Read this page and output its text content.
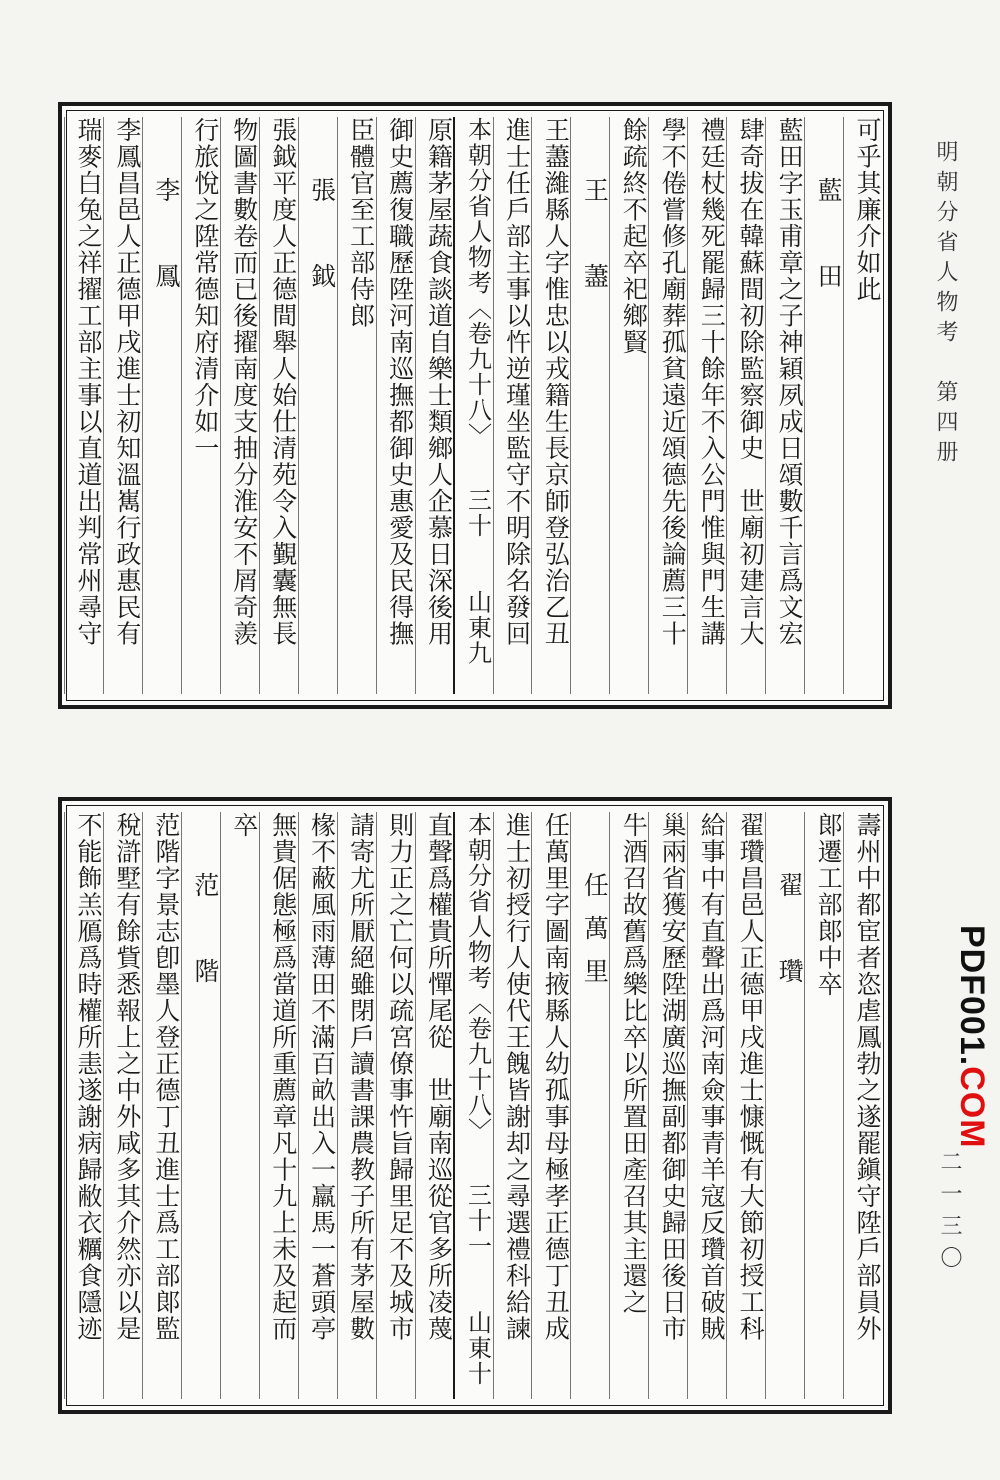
可乎其廉介如此
藍　田
藍田字玉甫章之子神穎夙成日頌數千言爲文宏
肆奇拔在韓蘇間初除監察御史　世廟初建言大
禮廷杖幾死罷歸三十餘年不入公門惟與門生講
學不倦嘗修孔廟葬孤貧遠近頌德先後論薦三十
餘疏終不起卒祀鄉賢
王　藎
王藎濰縣人字惟忠以戎籍生長京師登弘治乙丑
進士任戶部主事以忤逆瑾坐監守不明除名發回
本朝分省人物考〈卷九十八〉　　三十　　山東九
原籍茅屋蔬食談道自樂士類鄉人企慕日深後用
御史薦復職歷陞河南巡撫都御史惠愛及民得撫
臣體官至工部侍郎
張　鉞
張鉞平度人正德間舉人始仕清苑令入覲囊無長
物圖書數卷而已後擢南度支抽分淮安不屑奇羨
行旅悅之陞常德知府清介如一
李　鳳
李鳳昌邑人正德甲戌進士初知溫嶲行政惠民有
瑞麥白兔之祥擢工部主事以直道出判常州尋守
壽州中都宦者恣虐鳳勃之遂罷鎭守陞戶部員外
郞遷工部郞中卒
翟　瓚
翟瓚昌邑人正德甲戌進士慷慨有大節初授工科
給事中有直聲出爲河南僉事青羊寇反瓚首破賊
巢兩省獲安歷陞湖廣巡撫副都御史歸田後日市
牛酒召故舊爲樂比卒以所置田產召其主還之
任萬里
任萬里字圖南掖縣人幼孤事母極孝正德丁丑成
進士初授行人使代王餽皆謝却之尋選禮科給諫
本朝分省人物考〈卷九十八〉　　三十一　　山東十
直聲爲權貴所憚尾從　世廟南巡從官多所凌蔑
則力正之亡何以疏宮僚事忤旨歸里足不及城市
請寄尤所厭絕雖閉戶讀書課農教子所有茅屋數
椽不蔽風雨薄田不滿百畝出入一羸馬一蒼頭亭
無貴倨態極爲當道所重薦章凡十九上未及起而
卒
范　階
范階字景志卽墨人登正德丁丑進士爲工部郞監
稅滸墅有餘貲悉報上之中外咸多其介然亦以是
不能飾羔鴈爲時權所恚遂謝病歸敝衣糲食隱迹
明朝分省人物考　第四册
PDF001.COM
二一三〇
